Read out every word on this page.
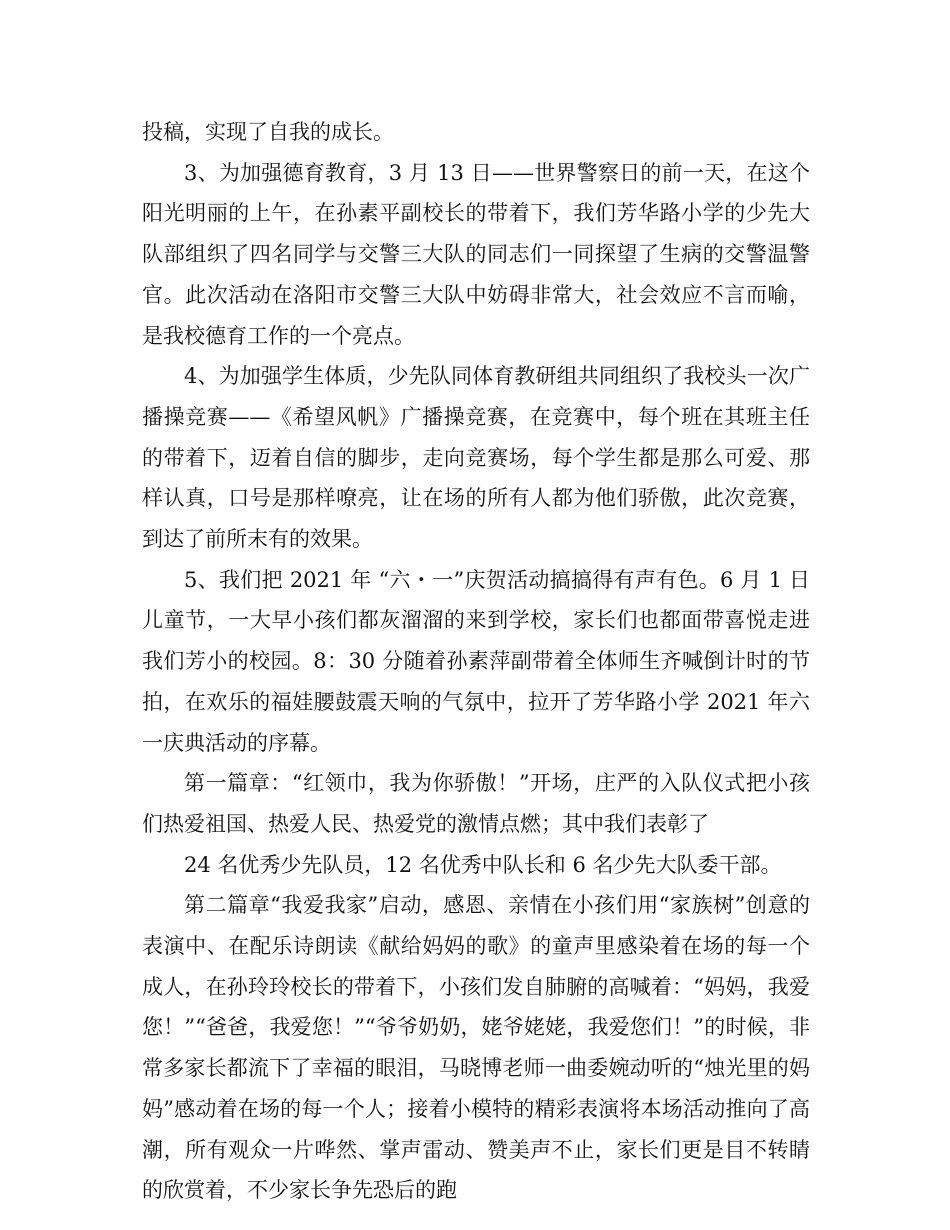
投稿，实现了自我的成长。

3、为加强德育教育，3 月 13 日——世界警察日的前一天，在这个阳光明丽的上午，在孙素平副校长的带着下，我们芳华路小学的少先大队部组织了四名同学与交警三大队的同志们一同探望了生病的交警温警官。此次活动在洛阳市交警三大队中妨碍非常大，社会效应不言而喻，是我校德育工作的一个亮点。

4、为加强学生体质，少先队同体育教研组共同组织了我校头一次广播操竞赛——《希望风帆》广播操竞赛，在竞赛中，每个班在其班主任的带着下，迈着自信的脚步，走向竞赛场，每个学生都是那么可爱、那样认真，口号是那样嘹亮，让在场的所有人都为他们骄傲，此次竞赛，到达了前所末有的效果。

5、我们把 2021 年 “六・一”庆贺活动搞搞得有声有色。6 月 1 日儿童节，一大早小孩们都灰溜溜的来到学校，家长们也都面带喜悦走进我们芳小的校园。8：30 分随着孙素萍副带着全体师生齐喊倒计时的节拍，在欢乐的福娃腰鼓震天响的气氛中，拉开了芳华路小学 2021 年六一庆典活动的序幕。

第一篇章：“红领巾，我为你骄傲！”开场，庄严的入队仪式把小孩们热爱祖国、热爱人民、热爱党的激情点燃；其中我们表彰了

24 名优秀少先队员，12 名优秀中队长和 6 名少先大队委干部。

第二篇章“我爱我家”启动，感恩、亲情在小孩们用“家族树”创意的表演中、在配乐诗朗读《献给妈妈的歌》的童声里感染着在场的每一个成人，在孙玲玲校长的带着下，小孩们发自肺腑的高喊着：“妈妈，我爱您！”“爸爸，我爱您！”“爷爷奶奶，姥爷姥姥，我爱您们！”的时候，非常多家长都流下了幸福的眼泪，马晓博老师一曲委婉动听的“烛光里的妈妈”感动着在场的每一个人；接着小模特的精彩表演将本场活动推向了高潮，所有观众一片哗然、掌声雷动、赞美声不止，家长们更是目不转睛的欣赏着，不少家长争先恐后的跑
